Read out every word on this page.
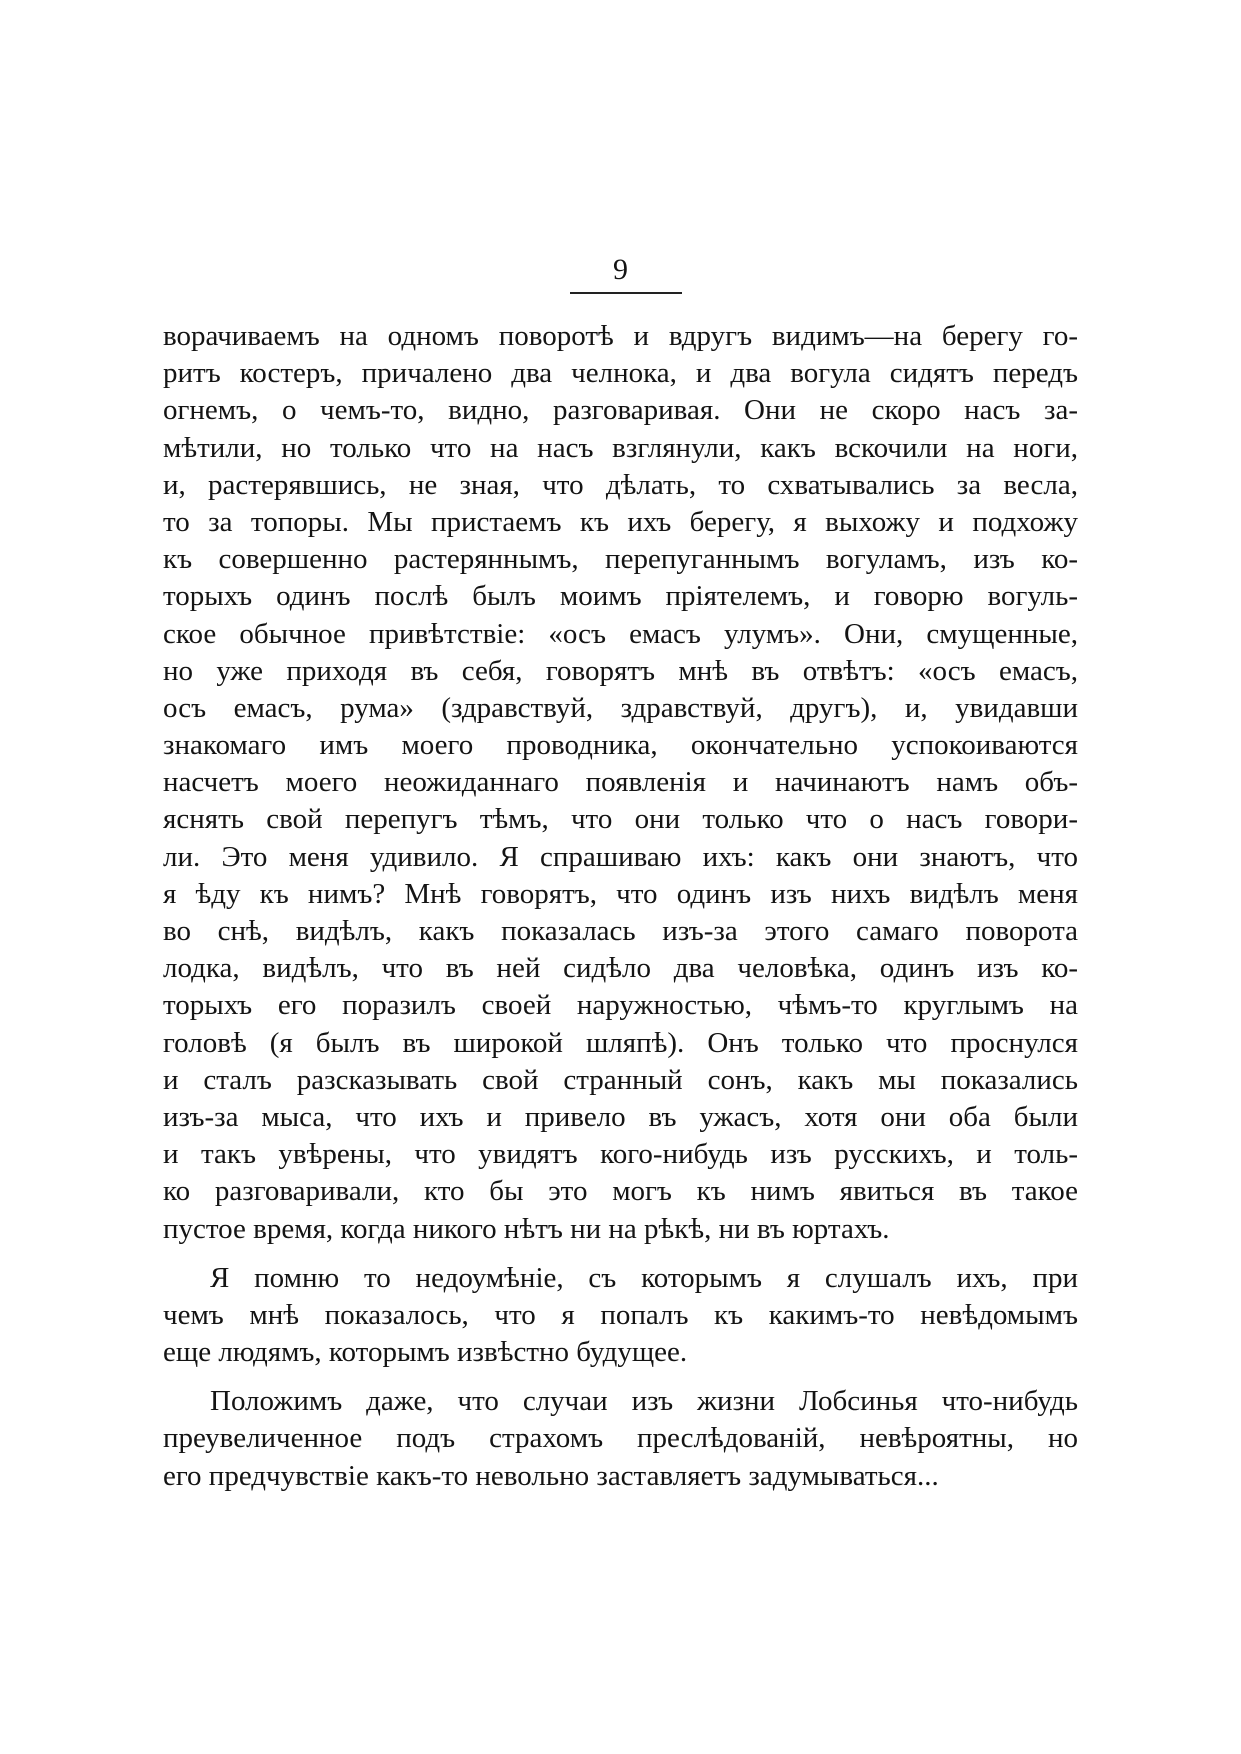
9
ворачиваемъ на одномъ поворотѣ и вдругъ видимъ—на берегу го-
ритъ костеръ, причалено два челнока, и два вогула сидятъ передъ
огнемъ, о чемъ-то, видно, разговаривая. Они не скоро насъ за-
мѣтили, но только что на насъ взглянули, какъ вскочили на ноги,
и, растерявшись, не зная, что дѣлать, то схватывались за весла,
то за топоры. Мы пристаемъ къ ихъ берегу, я выхожу и подхожу
къ совершенно растеряннымъ, перепуганнымъ вогуламъ, изъ ко-
торыхъ одинъ послѣ былъ моимъ пріятелемъ, и говорю вогуль-
ское обычное привѣтствіе: «осъ емасъ улумъ». Они, смущенные,
но уже приходя въ себя, говорятъ мнѣ въ отвѣтъ: «осъ емасъ,
осъ емасъ, рума» (здравствуй, здравствуй, другъ), и, увидавши
знакомаго имъ моего проводника, окончательно успокоиваются
насчетъ моего неожиданнаго появленія и начинаютъ намъ объ-
яснять свой перепугъ тѣмъ, что они только что о насъ говори-
ли. Это меня удивило. Я спрашиваю ихъ: какъ они знаютъ, что
я ѣду къ нимъ? Мнѣ говорятъ, что одинъ изъ нихъ видѣлъ меня
во снѣ, видѣлъ, какъ показалась изъ-за этого самаго поворота
лодка, видѣлъ, что въ ней сидѣло два человѣка, одинъ изъ ко-
торыхъ его поразилъ своей наружностью, чѣмъ-то круглымъ на
головѣ (я былъ въ широкой шляпѣ). Онъ только что проснулся
и сталъ разсказывать свой странный сонъ, какъ мы показались
изъ-за мыса, что ихъ и привело въ ужасъ, хотя они оба были
и такъ увѣрены, что увидятъ кого-нибудь изъ русскихъ, и толь-
ко разговаривали, кто бы это могъ къ нимъ явиться въ такое
пустое время, когда никого нѣтъ ни на рѣкѣ, ни въ юртахъ.
Я помню то недоумѣніе, съ которымъ я слушалъ ихъ, при
чемъ мнѣ показалось, что я попалъ къ какимъ-то невѣдомымъ
еще людямъ, которымъ извѣстно будущее.
Положимъ даже, что случаи изъ жизни Лобсинья что-нибудь
преувеличенное подъ страхомъ преслѣдованій, невѣроятны, но
его предчувствіе какъ-то невольно заставляетъ задумываться...
